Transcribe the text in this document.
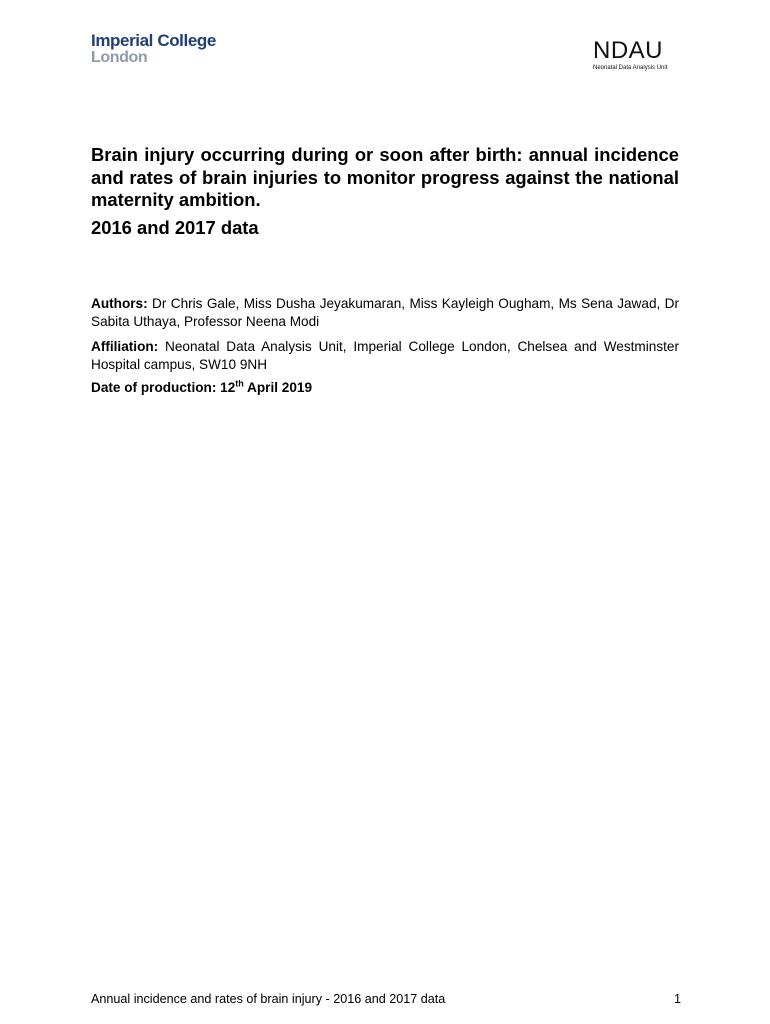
Imperial College
London	NDAU
Neonatal Data Analysis Unit
Brain injury occurring during or soon after birth: annual incidence and rates of brain injuries to monitor progress against the national maternity ambition.
2016 and 2017 data

Authors: Dr Chris Gale, Miss Dusha Jeyakumaran, Miss Kayleigh Ougham, Ms Sena Jawad, Dr Sabita Uthaya, Professor Neena Modi

Affiliation: Neonatal Data Analysis Unit, Imperial College London, Chelsea and Westminster Hospital campus, SW10 9NH

Date of production: 12th April 2019

Annual incidence and rates of brain injury - 2016 and 2017 data	1
